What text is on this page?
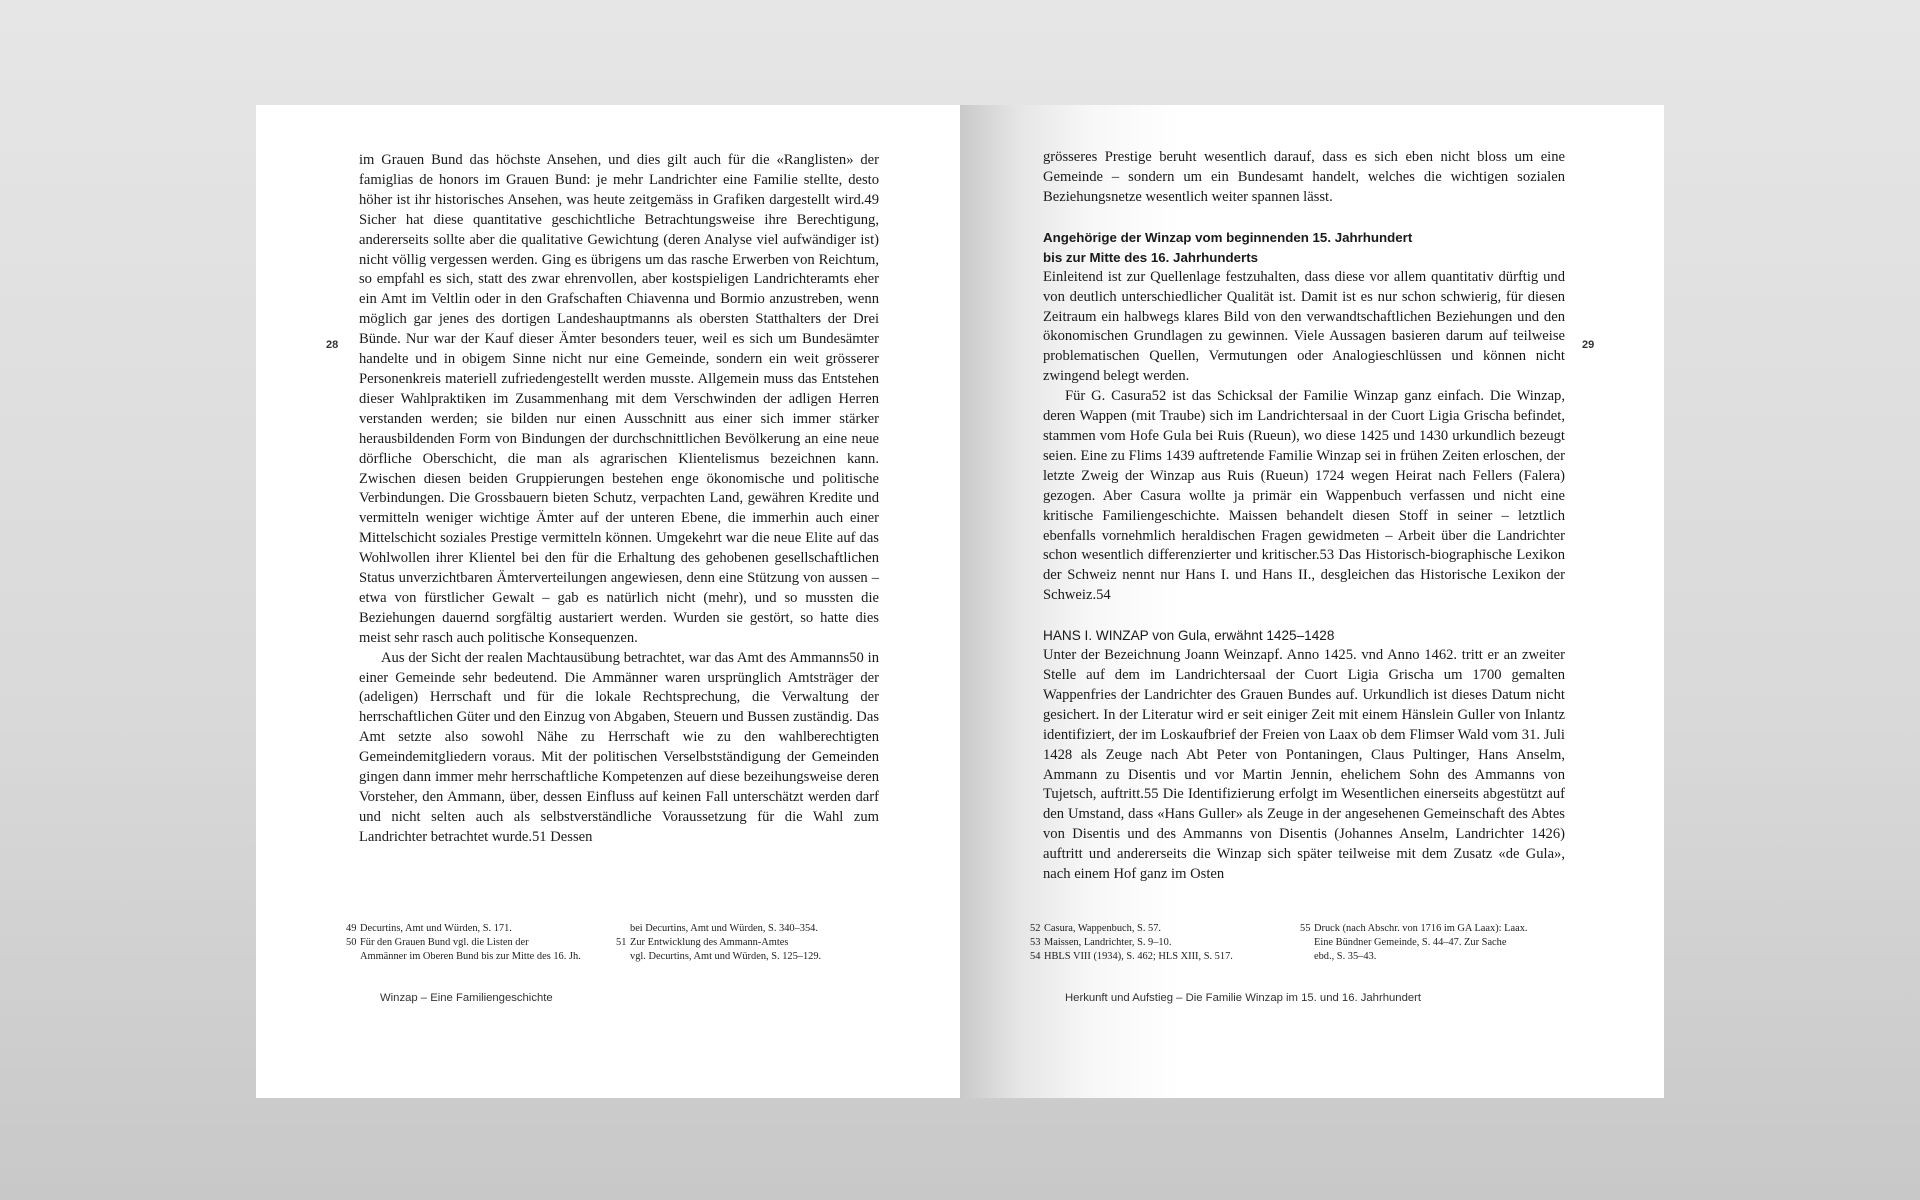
28

im Grauen Bund das höchste Ansehen, und dies gilt auch für die «Ranglisten» der famiglias de honors im Grauen Bund: je mehr Landrichter eine Familie stellte, desto höher ist ihr historisches Ansehen, was heute zeitgemäss in Grafiken dargestellt wird.49 Sicher hat diese quantitative geschichtliche Betrachtungsweise ihre Berechtigung, andererseits sollte aber die qualitative Gewichtung (deren Analyse viel aufwändiger ist) nicht völlig vergessen werden. Ging es übrigens um das rasche Erwerben von Reichtum, so empfahl es sich, statt des zwar ehrenvollen, aber kostspieligen Landrichteramts eher ein Amt im Veltlin oder in den Grafschaften Chiavenna und Bormio anzustreben, wenn möglich gar jenes des dortigen Landeshauptmanns als obersten Statthalters der Drei Bünde. Nur war der Kauf dieser Ämter besonders teuer, weil es sich um Bundesämter handelte und in obigem Sinne nicht nur eine Gemeinde, sondern ein weit grösserer Personenkreis materiell zufriedengestellt werden musste. Allgemein muss das Entstehen dieser Wahlpraktiken im Zusammenhang mit dem Verschwinden der adligen Herren verstanden werden; sie bilden nur einen Ausschnitt aus einer sich immer stärker herausbildenden Form von Bindungen der durchschnittlichen Bevölkerung an eine neue dörfliche Oberschicht, die man als agrarischen Klientelismus bezeichnen kann. Zwischen diesen beiden Gruppierungen bestehen enge ökonomische und politische Verbindungen. Die Grossbauern bieten Schutz, verpachten Land, gewähren Kredite und vermitteln weniger wichtige Ämter auf der unteren Ebene, die immerhin auch einer Mittelschicht soziales Prestige vermitteln können. Umgekehrt war die neue Elite auf das Wohlwollen ihrer Klientel bei den für die Erhaltung des gehobenen gesellschaftlichen Status unverzichtbaren Ämterverteilungen angewiesen, denn eine Stützung von aussen – etwa von fürstlicher Gewalt – gab es natürlich nicht (mehr), und so mussten die Beziehungen dauernd sorgfältig austariert werden. Wurden sie gestört, so hatte dies meist sehr rasch auch politische Konsequenzen.

Aus der Sicht der realen Machtausübung betrachtet, war das Amt des Ammanns50 in einer Gemeinde sehr bedeutend. Die Ammänner waren ursprünglich Amtsträger der (adeligen) Herrschaft und für die lokale Rechtsprechung, die Verwaltung der herrschaftlichen Güter und den Einzug von Abgaben, Steuern und Bussen zuständig. Das Amt setzte also sowohl Nähe zu Herrschaft wie zu den wahlberechtigten Gemeindemitgliedern voraus. Mit der politischen Verselbstständigung der Gemeinden gingen dann immer mehr herrschaftliche Kompetenzen auf diese bezeihungsweise deren Vorsteher, den Ammann, über, dessen Einfluss auf keinen Fall unterschätzt werden darf und nicht selten auch als selbstverständliche Voraussetzung für die Wahl zum Landrichter betrachtet wurde.51 Dessen

49 Decurtins, Amt und Würden, S. 171.
50 Für den Grauen Bund vgl. die Listen der
Ammänner im Oberen Bund bis zur Mitte des 16. Jh.
bei Decurtins, Amt und Würden, S. 340–354.
51 Zur Entwicklung des Ammann-Amtes
vgl. Decurtins, Amt und Würden, S. 125–129.
Winzap – Eine Familiengeschichte
29

grösseres Prestige beruht wesentlich darauf, dass es sich eben nicht bloss um eine Gemeinde – sondern um ein Bundesamt handelt, welches die wichtigen sozialen Beziehungsnetze wesentlich weiter spannen lässt.

Angehörige der Winzap vom beginnenden 15. Jahrhundert
bis zur Mitte des 16. Jahrhunderts

Einleitend ist zur Quellenlage festzuhalten, dass diese vor allem quantitativ dürftig und von deutlich unterschiedlicher Qualität ist. Damit ist es nur schon schwierig, für diesen Zeitraum ein halbwegs klares Bild von den verwandtschaftlichen Beziehungen und den ökonomischen Grundlagen zu gewinnen. Viele Aussagen basieren darum auf teilweise problematischen Quellen, Vermutungen oder Analogieschlüssen und können nicht zwingend belegt werden.

Für G. Casura52 ist das Schicksal der Familie Winzap ganz einfach. Die Winzap, deren Wappen (mit Traube) sich im Landrichtersaal in der Cuort Ligia Grischa befindet, stammen vom Hofe Gula bei Ruis (Rueun), wo diese 1425 und 1430 urkundlich bezeugt seien. Eine zu Flims 1439 auftretende Familie Winzap sei in frühen Zeiten erloschen, der letzte Zweig der Winzap aus Ruis (Rueun) 1724 wegen Heirat nach Fellers (Falera) gezogen. Aber Casura wollte ja primär ein Wappenbuch verfassen und nicht eine kritische Familiengeschichte. Maissen behandelt diesen Stoff in seiner – letztlich ebenfalls vornehmlich heraldischen Fragen gewidmeten – Arbeit über die Landrichter schon wesentlich differenzierter und kritischer.53 Das Historisch-biographische Lexikon der Schweiz nennt nur Hans I. und Hans II., desgleichen das Historische Lexikon der Schweiz.54

HANS I. WINZAP von Gula, erwähnt 1425–1428

Unter der Bezeichnung Joann Weinzapf. Anno 1425. vnd Anno 1462. tritt er an zweiter Stelle auf dem im Landrichtersaal der Cuort Ligia Grischa um 1700 gemalten Wappenfries der Landrichter des Grauen Bundes auf. Urkundlich ist dieses Datum nicht gesichert. In der Literatur wird er seit einiger Zeit mit einem Hänslein Guller von Inlantz identifiziert, der im Loskaufbrief der Freien von Laax ob dem Flimser Wald vom 31. Juli 1428 als Zeuge nach Abt Peter von Pontaningen, Claus Pultinger, Hans Anselm, Ammann zu Disentis und vor Martin Jennin, ehelichem Sohn des Ammanns von Tujetsch, auftritt.55 Die Identifizierung erfolgt im Wesentlichen einerseits abgestützt auf den Umstand, dass «Hans Guller» als Zeuge in der angesehenen Gemeinschaft des Abtes von Disentis und des Ammanns von Disentis (Johannes Anselm, Landrichter 1426) auftritt und andererseits die Winzap sich später teilweise mit dem Zusatz «de Gula», nach einem Hof ganz im Osten

52 Casura, Wappenbuch, S. 57.
53 Maissen, Landrichter, S. 9–10.
54 HBLS VIII (1934), S. 462; HLS XIII, S. 517.
55 Druck (nach Abschr. von 1716 im GA Laax): Laax.
Eine Bündner Gemeinde, S. 44–47. Zur Sache
ebd., S. 35–43.
Herkunft und Aufstieg – Die Familie Winzap im 15. und 16. Jahrhundert
